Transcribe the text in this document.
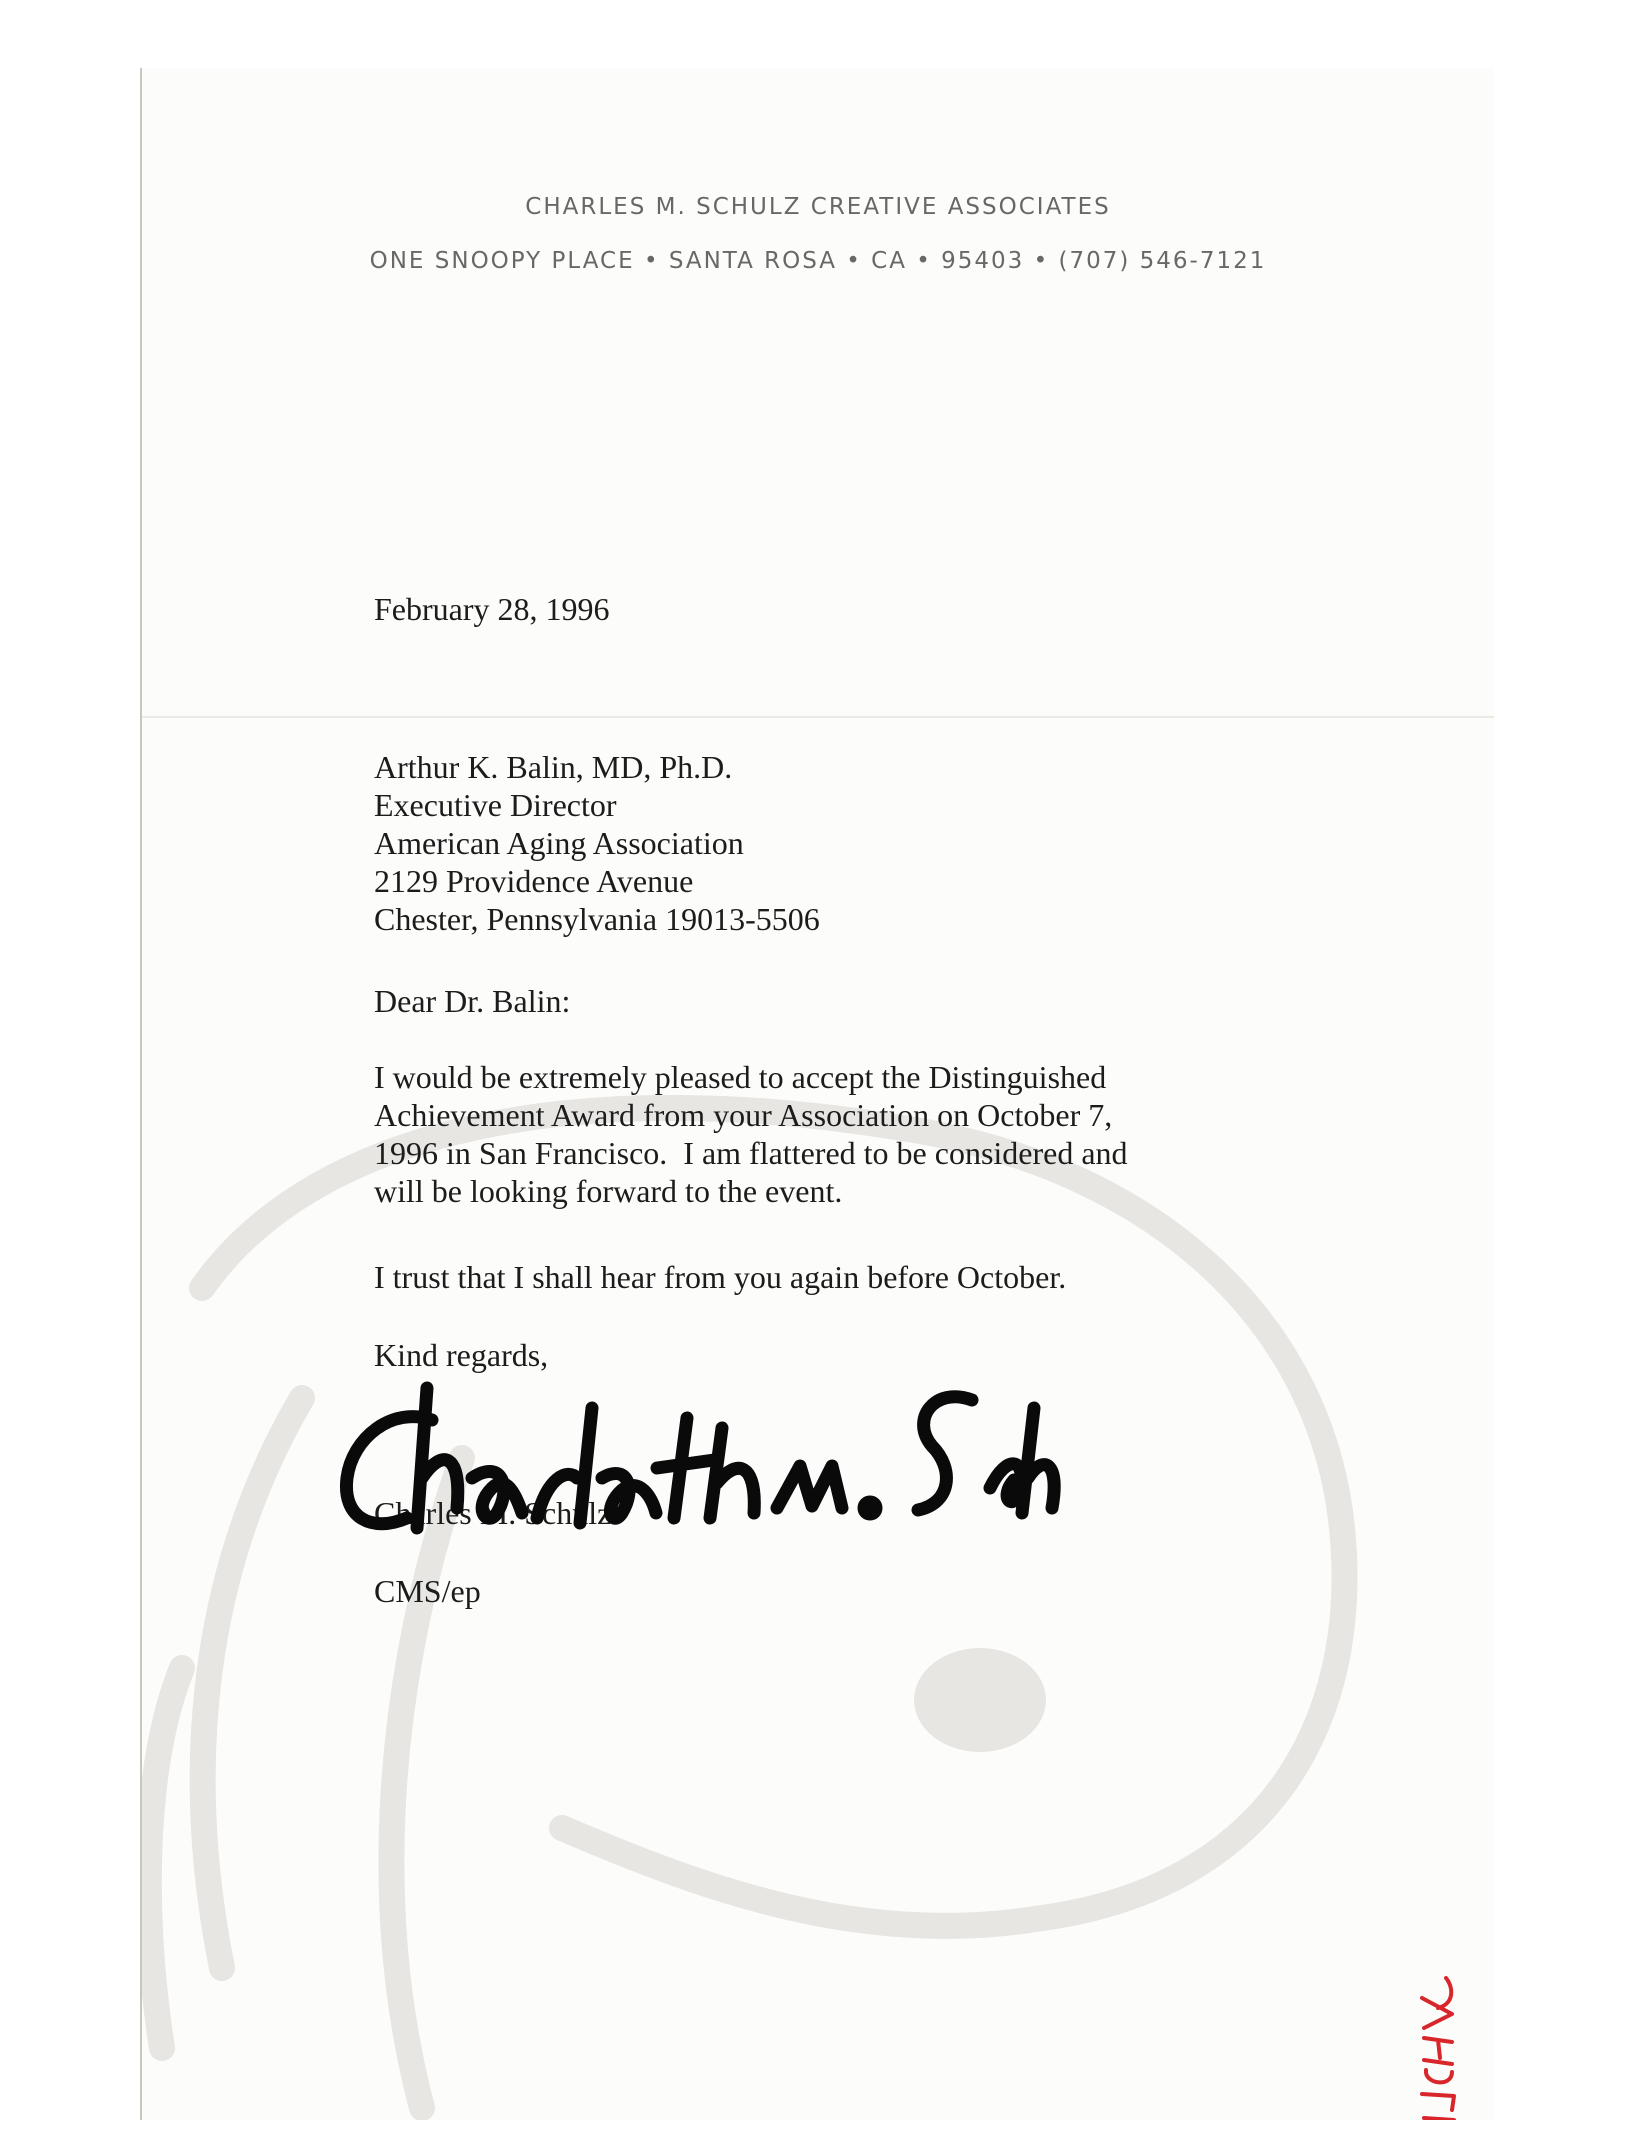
CHARLES M. SCHULZ CREATIVE ASSOCIATES
ONE SNOOPY PLACE • SANTA ROSA • CA • 95403 • (707) 546-7121

February 28, 1996

Arthur K. Balin, MD, Ph.D.
Executive Director
American Aging Association
2129 Providence Avenue
Chester, Pennsylvania 19013-5506

Dear Dr. Balin:

I would be extremely pleased to accept the Distinguished
Achievement Award from your Association on October 7,
1996 in San Francisco.  I am flattered to be considered and
will be looking forward to the event.

I trust that I shall hear from you again before October.

Kind regards,

Charles M. Schulz

CMS/ep
